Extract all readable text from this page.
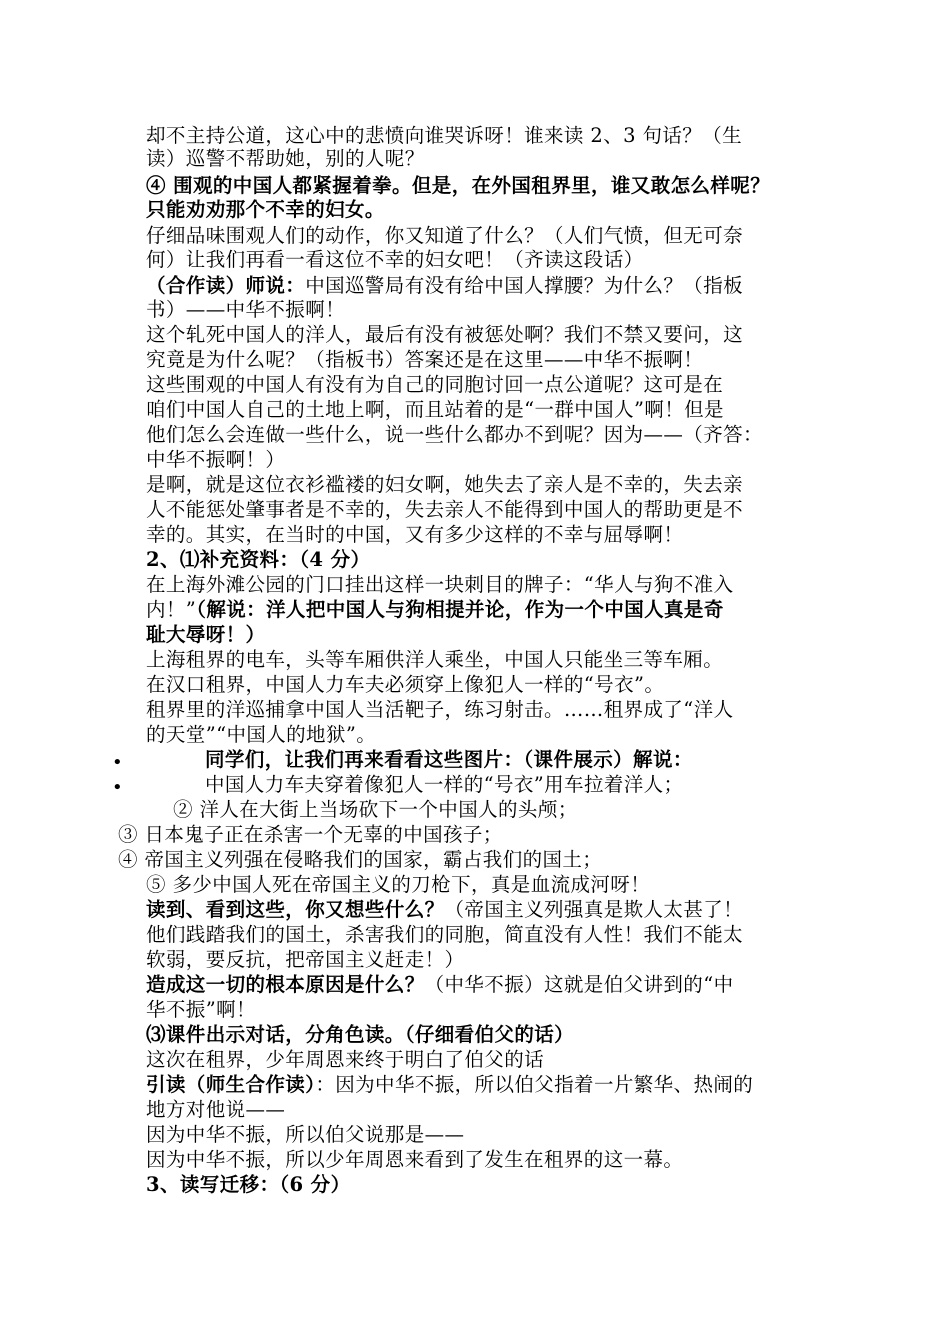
却不主持公道，这心中的悲愤向谁哭诉呀！谁来读 2、3 句话？（生
读）巡警不帮助她，别的人呢？
④ 围观的中国人都紧握着拳。但是，在外国租界里，谁又敢怎么样呢？
只能劝劝那个不幸的妇女。
仔细品味围观人们的动作，你又知道了什么？（人们气愤，但无可奈
何）让我们再看一看这位不幸的妇女吧！（齐读这段话）
（合作读）师说：中国巡警局有没有给中国人撑腰？为什么？（指板
书）——中华不振啊！
这个轧死中国人的洋人，最后有没有被惩处啊？我们不禁又要问，这
究竟是为什么呢？（指板书）答案还是在这里——中华不振啊！
这些围观的中国人有没有为自己的同胞讨回一点公道呢？这可是在
咱们中国人自己的土地上啊，而且站着的是“一群中国人”啊！但是
他们怎么会连做一些什么，说一些什么都办不到呢？因为——（齐答：
中华不振啊！）
是啊，就是这位衣衫褴褛的妇女啊，她失去了亲人是不幸的，失去亲
人不能惩处肇事者是不幸的，失去亲人不能得到中国人的帮助更是不
幸的。其实，在当时的中国，又有多少这样的不幸与屈辱啊！
2、⑴补充资料：（4 分）
在上海外滩公园的门口挂出这样一块刺目的牌子：“华人与狗不准入
内！”（解说：洋人把中国人与狗相提并论，作为一个中国人真是奇
耻大辱呀！）
上海租界的电车，头等车厢供洋人乘坐，中国人只能坐三等车厢。
在汉口租界，中国人力车夫必须穿上像犯人一样的“号衣”。
租界里的洋巡捕拿中国人当活靶子，练习射击。……租界成了“洋人
的天堂”“中国人的地狱”。
•	同学们，让我们再来看看这些图片：（课件展示）解说：
•	中国人力车夫穿着像犯人一样的“号衣”用车拉着洋人；
② 洋人在大街上当场砍下一个中国人的头颅；
③ 日本鬼子正在杀害一个无辜的中国孩子；
④ 帝国主义列强在侵略我们的国家，霸占我们的国土；
⑤ 多少中国人死在帝国主义的刀枪下，真是血流成河呀！
读到、看到这些，你又想些什么？（帝国主义列强真是欺人太甚了！
他们践踏我们的国土，杀害我们的同胞，简直没有人性！我们不能太
软弱，要反抗，把帝国主义赶走！）
造成这一切的根本原因是什么？（中华不振）这就是伯父讲到的“中
华不振”啊！
⑶课件出示对话，分角色读。（仔细看伯父的话）
这次在租界，少年周恩来终于明白了伯父的话
引读（师生合作读）：因为中华不振，所以伯父指着一片繁华、热闹的
地方对他说——
因为中华不振，所以伯父说那是——
因为中华不振，所以少年周恩来看到了发生在租界的这一幕。
3、读写迁移：（6 分）
